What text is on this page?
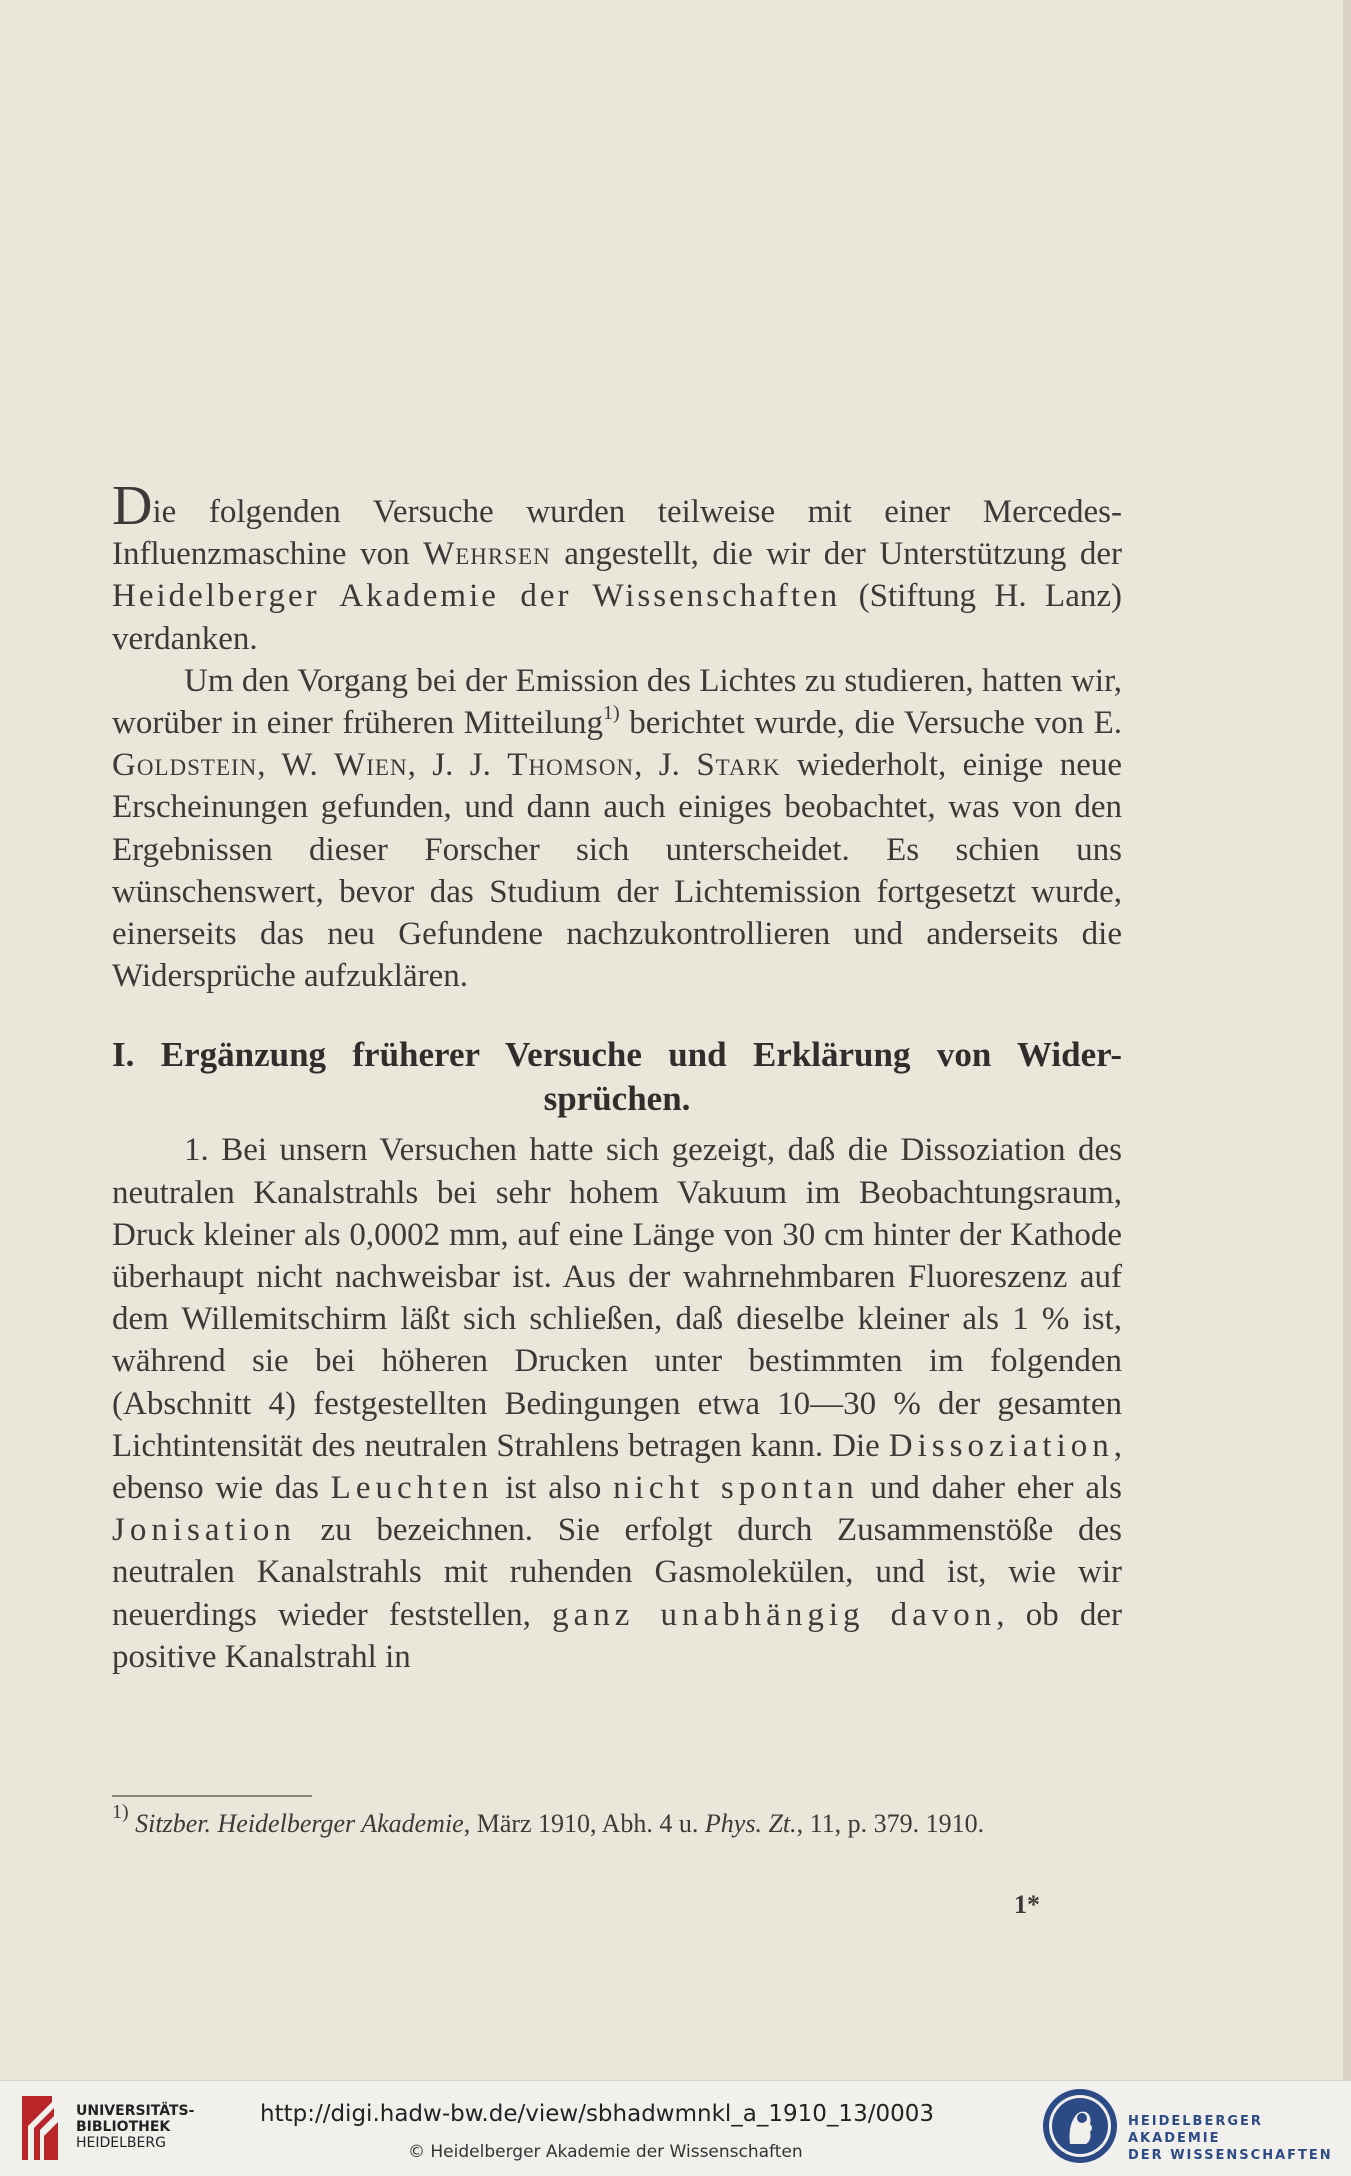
Die folgenden Versuche wurden teilweise mit einer Mercedes-Influenzmaschine von Wehrsen angestellt, die wir der Unterstützung der Heidelberger Akademie der Wissenschaften (Stiftung H. Lanz) verdanken.

Um den Vorgang bei der Emission des Lichtes zu studieren, hatten wir, worüber in einer früheren Mitteilung$^{1)}$ berichtet wurde, die Versuche von E. Goldstein, W. Wien, J. J. Thomson, J. Stark wiederholt, einige neue Erscheinungen gefunden, und dann auch einiges beobachtet, was von den Ergebnissen dieser Forscher sich unterscheidet. Es schien uns wünschenswert, bevor das Studium der Lichtemission fortgesetzt wurde, einerseits das neu Gefundene nachzukontrollieren und anderseits die Widersprüche aufzuklären.

I. Ergänzung früherer Versuche und Erklärung von Wider-
sprüchen.

1. Bei unsern Versuchen hatte sich gezeigt, daß die Dissoziation des neutralen Kanalstrahls bei sehr hohem Vakuum im Beobachtungsraum, Druck kleiner als 0,0002 mm, auf eine Länge von 30 cm hinter der Kathode überhaupt nicht nachweisbar ist. Aus der wahrnehmbaren Fluoreszenz auf dem Willemitschirm läßt sich schließen, daß dieselbe kleiner als 1 % ist, während sie bei höheren Drucken unter bestimmten im folgenden (Abschnitt 4) festgestellten Bedingungen etwa 10—30 % der gesamten Lichtintensität des neutralen Strahlens betragen kann. Die Dissoziation, ebenso wie das Leuchten ist also nicht spontan und daher eher als Jonisation zu bezeichnen. Sie erfolgt durch Zusammenstöße des neutralen Kanalstrahls mit ruhenden Gasmolekülen, und ist, wie wir neuerdings wieder feststellen, ganz unabhängig davon, ob der positive Kanalstrahl in

$^{1)}$ Sitzber. Heidelberger Akademie, März 1910, Abh. 4 u. Phys. Zt., 11, p. 379. 1910.
1*
UNIVERSITÄTS-
BIBLIOTHEK
HEIDELBERG
http://digi.hadw-bw.de/view/sbhadwmnkl_a_1910_13/0003
© Heidelberger Akademie der Wissenschaften
HEIDELBERGER AKADEMIE
DER WISSENSCHAFTEN
